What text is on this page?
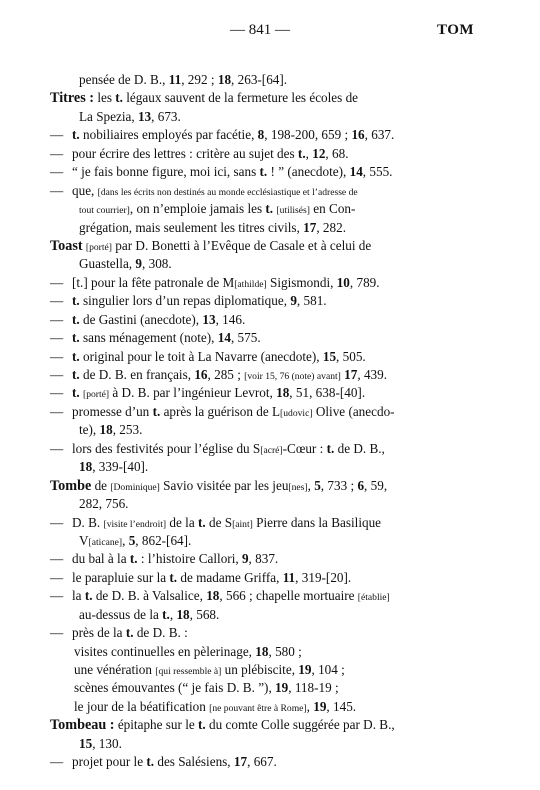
— 841 —	TOM
pensée de D. B., 11, 292 ; 18, 263-[64].
Titres : les t. légaux sauvent de la fermeture les écoles de
La Spezia, 13, 673.
— t. nobiliaires employés par facétie, 8, 198-200, 659 ; 16, 637.
— pour écrire des lettres : critère au sujet des t., 12, 68.
— “ je fais bonne figure, moi ici, sans t. ! ” (anecdote), 14, 555.
— que, [dans les écrits non destinés au monde ecclésiastique et l’adresse de
tout courrier], on n’emploie jamais les t. [utilisés] en Con-
grégation, mais seulement les titres civils, 17, 282.
Toast [porté] par D. Bonetti à l’Evêque de Casale et à celui de
Guastella, 9, 308.
— [t.] pour la fête patronale de M[athilde] Sigismondi, 10, 789.
— t. singulier lors d’un repas diplomatique, 9, 581.
— t. de Gastini (anecdote), 13, 146.
— t. sans ménagement (note), 14, 575.
— t. original pour le toit à La Navarre (anecdote), 15, 505.
— t. de D. B. en français, 16, 285 ; [voir 15, 76 (note) avant] 17, 439.
— t. [porté] à D. B. par l’ingénieur Levrot, 18, 51, 638-[40].
— promesse d’un t. après la guérison de L[udovic] Olive (anecdo-
te), 18, 253.
— lors des festivités pour l’église du S[acré]-Cœur : t. de D. B.,
18, 339-[40].
Tombe de [Dominique] Savio visitée par les jeu[nes], 5, 733 ; 6, 59,
282, 756.
— D. B. [visite l’endroit] de la t. de S[aint] Pierre dans la Basilique
V[aticane], 5, 862-[64].
— du bal à la t. : l’histoire Callori, 9, 837.
— le parapluie sur la t. de madame Griffa, 11, 319-[20].
— la t. de D. B. à Valsalice, 18, 566 ; chapelle mortuaire [établie]
au-dessus de la t., 18, 568.
— près de la t. de D. B. :
visites continuelles en pèlerinage, 18, 580 ;
une vénération [qui ressemble à] un plébiscite, 19, 104 ;
scènes émouvantes (“ je fais D. B. ”), 19, 118-19 ;
le jour de la béatification [ne pouvant être à Rome], 19, 145.
Tombeau : épitaphe sur le t. du comte Colle suggérée par D. B.,
15, 130.
— projet pour le t. des Salésiens, 17, 667.
